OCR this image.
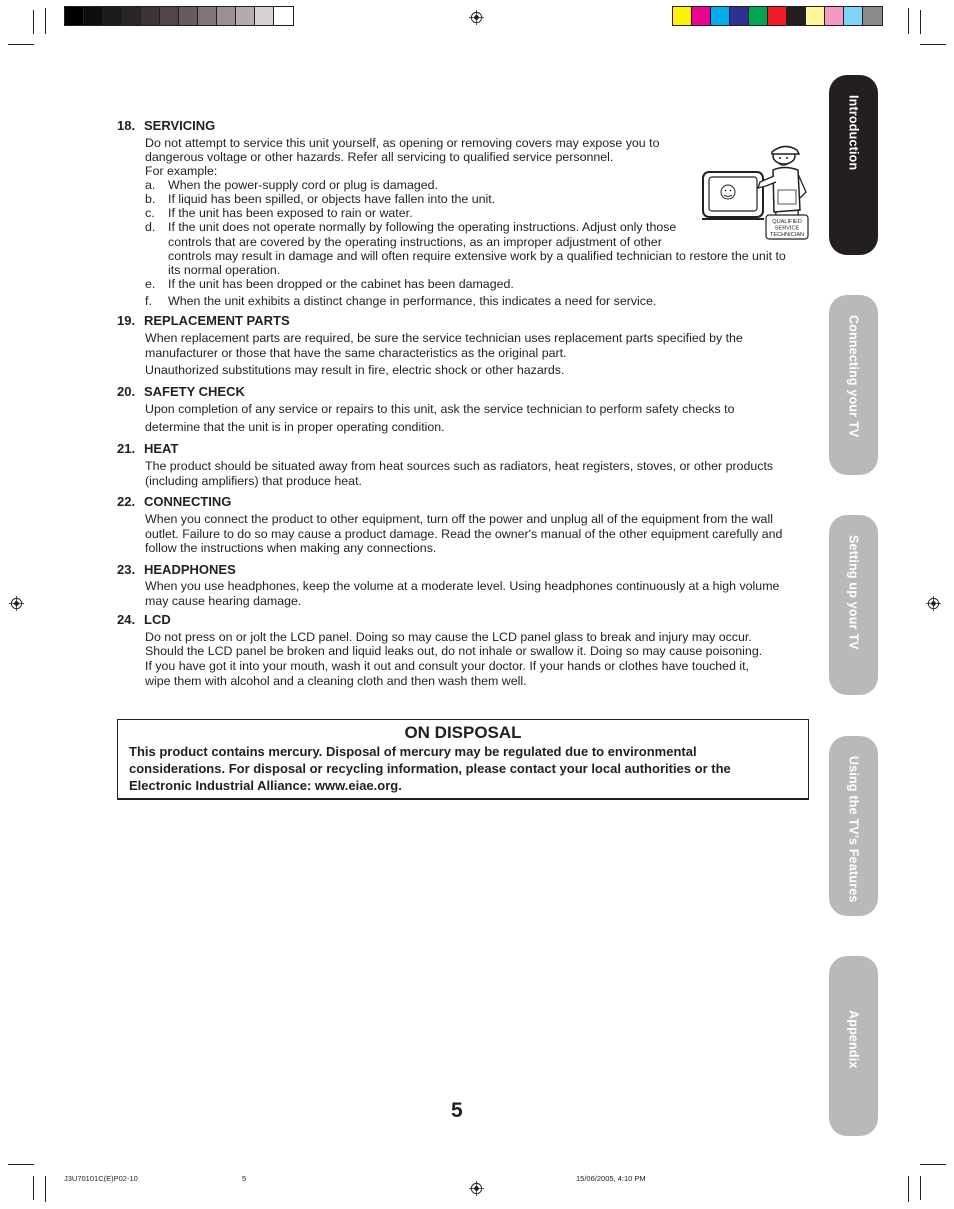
Introduction
Connecting your TV
Setting up your TV
Using the TV’s Features
Appendix
QUALIFIED
SERVICE
TECHNICIAN
18. SERVICING
Do not attempt to service this unit yourself, as opening or removing covers may expose you to
dangerous voltage or other hazards. Refer all servicing to qualified service personnel.
For example:
a. When the power-supply cord or plug is damaged.
b. If liquid has been spilled, or objects have fallen into the unit.
c. If the unit has been exposed to rain or water.
d. If the unit does not operate normally by following the operating instructions. Adjust only those
controls that are covered by the operating instructions, as an improper adjustment of other
controls may result in damage and will often require extensive work by a qualified technician to restore the unit to
its normal operation.
e. If the unit has been dropped or the cabinet has been damaged.
f. When the unit exhibits a distinct change in performance, this indicates a need for service.
19. REPLACEMENT PARTS
When replacement parts are required, be sure the service technician uses replacement parts specified by the
manufacturer or those that have the same characteristics as the original part.
Unauthorized substitutions may result in fire, electric shock or other hazards.
20. SAFETY CHECK
Upon completion of any service or repairs to this unit, ask the service technician to perform safety checks to
determine that the unit is in proper operating condition.
21. HEAT
The product should be situated away from heat sources such as radiators, heat registers, stoves, or other products
(including amplifiers) that produce heat.
22. CONNECTING
When you connect the product to other equipment, turn off the power and unplug all of the equipment from the wall
outlet. Failure to do so may cause a product damage. Read the owner's manual of the other equipment carefully and
follow the instructions when making any connections.
23. HEADPHONES
When you use headphones, keep the volume at a moderate level. Using headphones continuously at a high volume
may cause hearing damage.
24. LCD
Do not press on or jolt the LCD panel. Doing so may cause the LCD panel glass to break and injury may occur.
Should the LCD panel be broken and liquid leaks out, do not inhale or swallow it. Doing so may cause poisoning.
If you have got it into your mouth, wash it out and consult your doctor. If your hands or clothes have touched it,
wipe them with alcohol and a cleaning cloth and then wash them well.
ON DISPOSAL
This product contains mercury. Disposal of mercury may be regulated due to environmental
considerations. For disposal or recycling information, please contact your local authorities or the
Electronic Industrial Alliance: www.eiae.org.
5
J3U70101C(E)P02-10	5	15/06/2005, 4:10 PM
